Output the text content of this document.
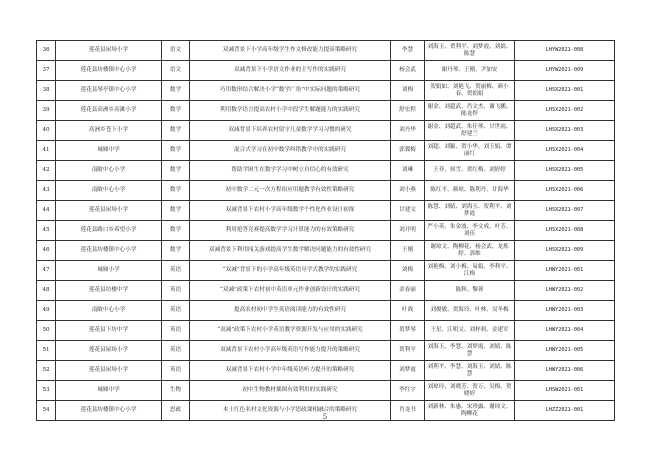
36	莲花县屋场小学	语文	双减背景下小学高年级学生作文修改能力提高策略研究	李慧	刘海玉、贺利平、刘梦霞、刘婧、陈慧	LHYW2021-008
37	莲花县坊楼镇中心小学	语文	双减背景下小学语文作业的主写作的实践研究	杨会武	谢丹琴、王刚、尹加安	LHYW2021-009
38	莲花县琴亭镇中心小学	数学	巧用数形结合解决小学“数学广角”中实际问题的策略研究	刘梅	贺娟如、刘艳飞、贺丽梅、颜小春、贺娟娟	LHSX2021-001
39	莲花县高洲乡高滩小学	数学	利用数学语言提高农村小学中段学生解题能力的实践研究	舒宏程	谢金、刘超武、肖文杰、谢飞鹏、陈龙焊	LHSX2021-002
40	高洲乡苍下小学	数学	双减背景下培养农村留守儿童数学学习习惯的研究	刘丹华	谢金、刘超武、朱任琴、甘世雨、舒建兰	LHSX2021-003
41	城厢中学	数学	混合式学习在初中数学纠错教学中的实践研究	郭冀梅	刘超、刘颖、贺小华、刘玉娟、谭丽红	LHSX2021-004
42	南陂中心小学	数学	帮助学困生在数学学习中树立自信心的有效研究	刘琳	王菲、侯雪、贺红梅、刘婷婷	LHSX2021-005
43	南陂中心小学	数学	初中数学二元一次方程组应用题教学有效性策略研究	刘小燕	陈红平、颜琼、陈利丹、甘海华	LHSX2021-006
44	莲花县屋场小学	数学	双减背景下农村小学高年级数学个性化作业设计初探	甘建文	陈慧、刘婧、刘海玉、贺利平、刘梦霞	LHSX2021-007
45	莲花县路口乡希望小学	数学	利用抢答竞赛提高数学学习计算能力的有效策略研究	刘开明	严小英、朱金波、李文成、叶芳、刘佳	LHSX2021-008
46	莲花县坊楼镇中心小学	数学	双减背景下利用闯关游戏提高学生数学解决问题能力的有效性研究	王刚	谢琼文、陶柳花、杨会武、龙炼婷、郭维	LHSX2021-009
47	城厢小学	英语	“双减”背景下的小学高年级英语导学式教学的实践研究	刘梅	刘艳梅、刘小梅、易娟、李利平、江梅	LHWY2021-001
48	莲花县坊楼中学	英语	“双减”政策下农村初中英语单元作业创新设计的实践研究	金春丽	陈辉、黎蓉	LHWY2021-002
49	南陂中心小学	英语	提高农村初中学生英语阅读能力的有效性研究	叶战	刘俊敏、贺海玲、叶林、吴冬梅	LHWY2021-003
50	莲花县下坊中学	英语	“双减”政策下农村小学英语教学资源开发与应用的实践研究	贺梦琴	王星、江明文、刘梓莉、金建军	LHWY2021-004
51	莲花县屋场小学	英语	双减背景下农村小学高年级英语写作能力提升的策略研究	贺利平	刘海玉、李慧、刘梦霞、刘婧、陈慧	LHWY2021-005
52	莲花县屋场小学	英语	双减背景下农村小学中年级英语听力提升的策略研究	刘梦霞	刘利平、李慧、刘海玉、刘婧、陈慧	LHWY2021-006
53	城厢中学	生物	初中生物教材插图有效利用的实践研究	李红宇	刘琼玲、刘晓芳、贺万、吴梅、贺晓婷	LHSW2021-001
54	莲花县坊楼镇中心小学	思政	本土红色名村文化资源与小学思政课相融合的策略研究	肖龙书	刘新林、朱惠、宋珍露、谢琼文、陶柳花	LHZZ2021-001
5
